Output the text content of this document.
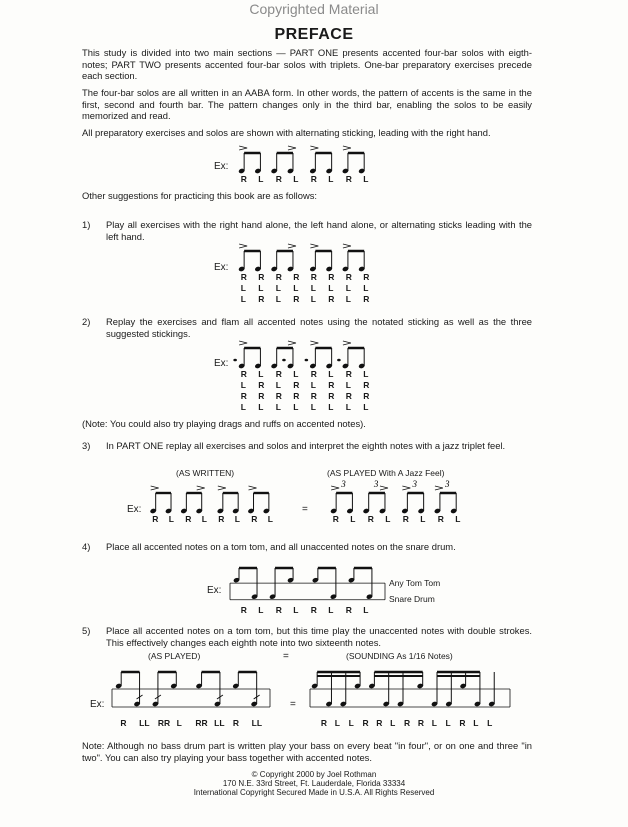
Copyrighted Material
PREFACE
This study is divided into two main sections — PART ONE presents accented four-bar solos with eigth-notes; PART TWO presents accented four-bar solos with triplets. One-bar preparatory exercises precede each section.
The four-bar solos are all written in an AABA form. In other words, the pattern of accents is the same in the first, second and fourth bar. The pattern changes only in the third bar, enabling the solos to be easily memorized and read.
All preparatory exercises and solos are shown with alternating sticking, leading with the right hand.
Ex:
R L R L R L R L
Other suggestions for practicing this book are as follows:
1) Play all exercises with the right hand alone, the left hand alone, or alternating sticks leading with the left hand.
Ex:
R R R R R R R R
L L L L L L L L
L R L R L R L R
2) Replay the exercises and flam all accented notes using the notated sticking as well as the three suggested stickings.
Ex:
R L R L R L R L
L R L R L R L R
R R R R R R R R
L L L L L L L L
(Note: You could also try playing drags and ruffs on accented notes).
3) In PART ONE replay all exercises and solos and interpret the eighth notes with a jazz triplet feel.
(AS WRITTEN)	(AS PLAYED With A Jazz Feel)
Ex:
R L R L R L R L
=
3	3	3	3
R L R L R L R L
4) Place all accented notes on a tom tom, and all unaccented notes on the snare drum.
Ex:
Any Tom Tom
Snare Drum
R L R L R L R L
5) Place all accented notes on a tom tom, but this time play the unaccented notes with double strokes. This effectively changes each eighth note into two sixteenth notes.
(AS PLAYED)	=	(SOUNDING As 1/16 Notes)
Ex:
R LL RR L RR LL R LL
=
R L L R R L R R L L R L L
Note: Although no bass drum part is written play your bass on every beat "in four", or on one and three "in two". You can also try playing your bass together with accented notes.
© Copyright 2000 by Joel Rothman
170 N.E. 33rd Street, Ft. Lauderdale, Florida 33334
International Copyright Secured Made in U.S.A. All Rights Reserved
